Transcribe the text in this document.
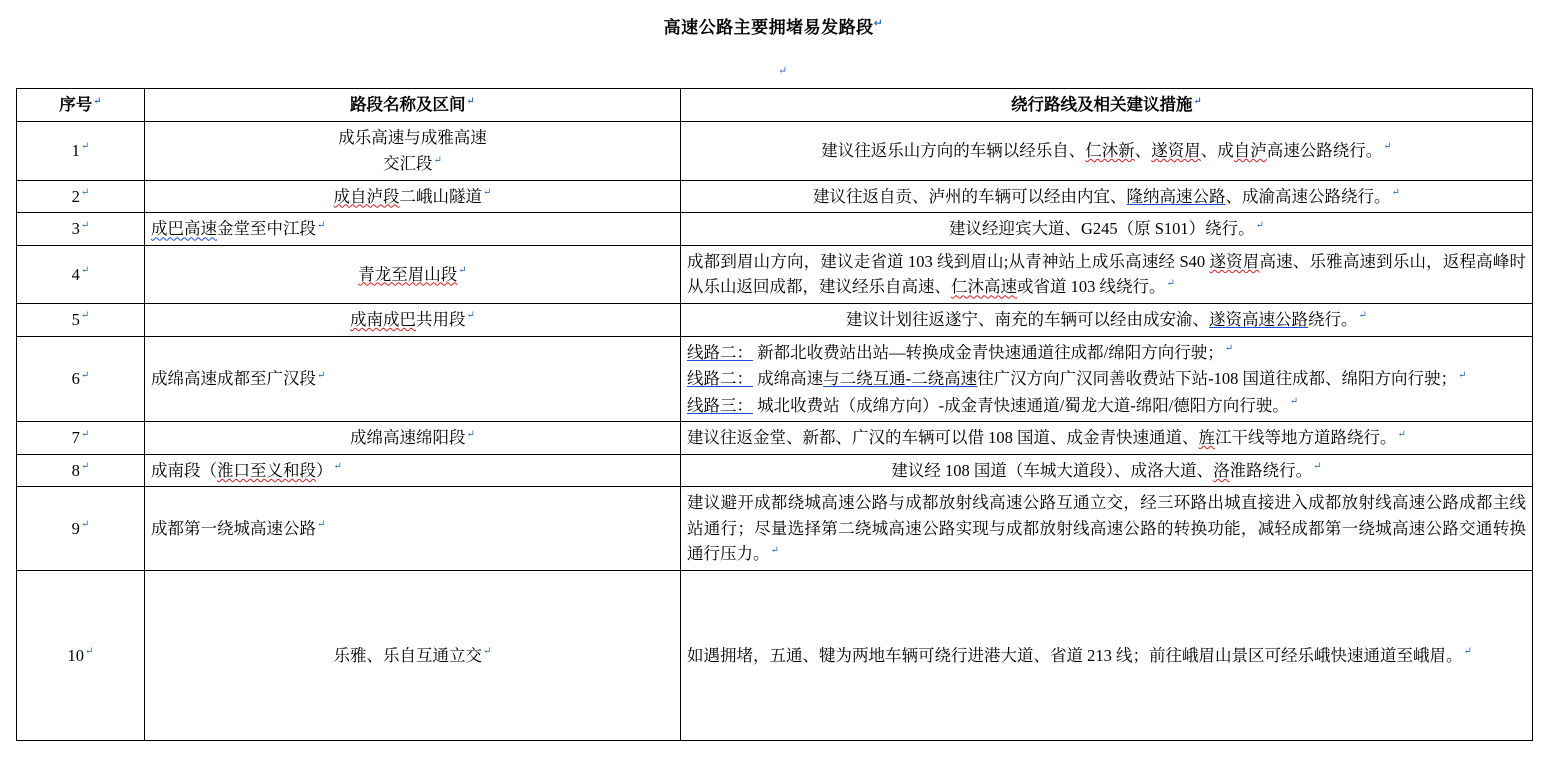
高速公路主要拥堵易发路段↵
↵
序号↵	路段名称及区间↵	绕行路线及相关建议措施↵
1↵	成乐高速与成雅高速
交汇段↵	建议往返乐山方向的车辆以经乐自、仁沐新、遂资眉、成自泸高速公路绕行。↵
2↵	成自泸段二峨山隧道↵	建议往返自贡、泸州的车辆可以经由内宜、隆纳高速公路、成渝高速公路绕行。↵
3↵	成巴高速金堂至中江段↵	建议经迎宾大道、G245（原 S101）绕行。↵
4↵	青龙至眉山段↵	成都到眉山方向，建议走省道 103 线到眉山;从青神站上成乐高速经 S40 遂资眉高速、乐雅高速到乐山，返程高峰时从乐山返回成都，建议经乐自高速、仁沐高速或省道 103 线绕行。↵
5↵	成南成巴共用段↵	建议计划往返遂宁、南充的车辆可以经由成安渝、遂资高速公路绕行。↵
6↵	成绵高速成都至广汉段↵	线路二： 新都北收费站出站—转换成金青快速通道往成都/绵阳方向行驶；↵
线路二： 成绵高速与二绕互通-二绕高速往广汉方向广汉同善收费站下站-108 国道往成都、绵阳方向行驶；↵
线路三： 城北收费站（成绵方向）-成金青快速通道/蜀龙大道-绵阳/德阳方向行驶。↵

7↵	成绵高速绵阳段↵	建议往返金堂、新都、广汉的车辆可以借 108 国道、成金青快速通道、旌江干线等地方道路绕行。↵
8↵	成南段（淮口至义和段）↵	建议经 108 国道（车城大道段）、成洛大道、洛淮路绕行。↵
9↵	成都第一绕城高速公路↵	建议避开成都绕城高速公路与成都放射线高速公路互通立交，经三环路出城直接进入成都放射线高速公路成都主线站通行；尽量选择第二绕城高速公路实现与成都放射线高速公路的转换功能，减轻成都第一绕城高速公路交通转换通行压力。↵
10↵	乐雅、乐自互通立交↵	如遇拥堵，五通、犍为两地车辆可绕行进港大道、省道 213 线；前往峨眉山景区可经乐峨快速通道至峨眉。↵
